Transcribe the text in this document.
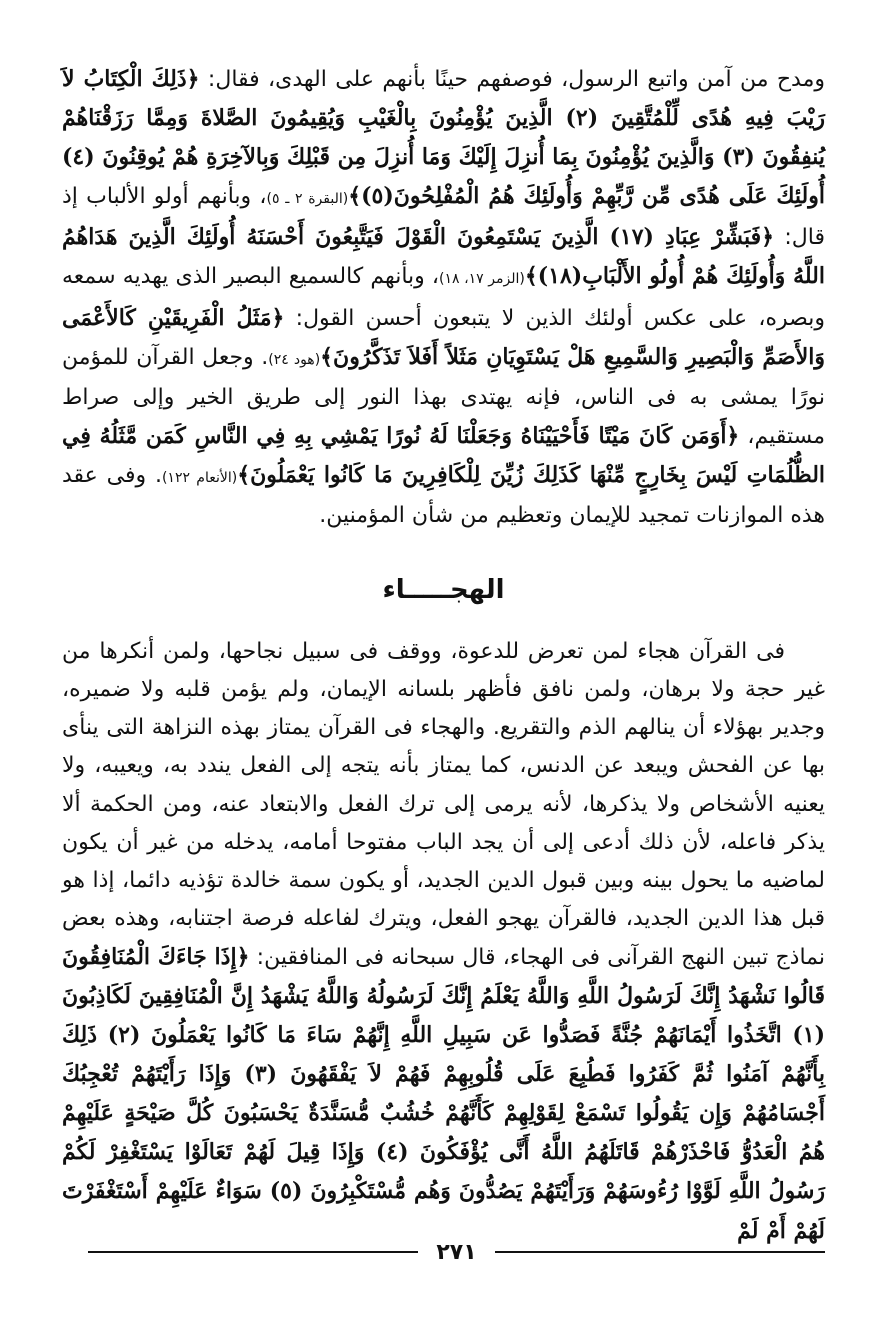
ومدح من آمن واتبع الرسول، فوصفهم حينًا بأنهم على الهدى، فقال: ﴿ذَلِكَ الْكِتَابُ لاَ رَيْبَ فِيهِ هُدًى لِّلْمُتَّقِينَ (٢) الَّذِينَ يُؤْمِنُونَ بِالْغَيْبِ وَيُقِيمُونَ الصَّلاةَ وَمِمَّا رَزَقْنَاهُمْ يُنفِقُونَ (٣) وَالَّذِينَ يُؤْمِنُونَ بِمَا أُنزِلَ إِلَيْكَ وَمَا أُنزِلَ مِن قَبْلِكَ وَبِالآخِرَةِ هُمْ يُوقِنُونَ (٤) أُولَئِكَ عَلَى هُدًى مِّن رَّبِّهِمْ وَأُولَئِكَ هُمُ الْمُفْلِحُونَ(٥)﴾(البقرة ٢ ـ ٥)، وبأنهم أولو الألباب إذ قال: ﴿فَبَشِّرْ عِبَادِ (١٧) الَّذِينَ يَسْتَمِعُونَ الْقَوْلَ فَيَتَّبِعُونَ أَحْسَنَهُ أُولَئِكَ الَّذِينَ هَدَاهُمُ اللَّهُ وَأُولَئِكَ هُمْ أُولُو الأَلْبَابِ(١٨)﴾(الزمر ١٧، ١٨)، وبأنهم كالسميع البصير الذى يهديه سمعه وبصره، على عكس أولئك الذين لا يتبعون أحسن القول: ﴿مَثَلُ الْفَرِيقَيْنِ كَالأَعْمَى وَالأَصَمِّ وَالْبَصِيرِ وَالسَّمِيعِ هَلْ يَسْتَوِيَانِ مَثَلاً أَفَلاَ تَذَكَّرُونَ﴾(هود ٢٤). وجعل القرآن للمؤمن نورًا يمشى به فى الناس، فإنه يهتدى بهذا النور إلى طريق الخير وإلى صراط مستقيم، ﴿أَوَمَن كَانَ مَيْتًا فَأَحْيَيْنَاهُ وَجَعَلْنَا لَهُ نُورًا يَمْشِي بِهِ فِي النَّاسِ كَمَن مَّثَلُهُ فِي الظُّلُمَاتِ لَيْسَ بِخَارِجٍ مِّنْهَا كَذَلِكَ زُيِّنَ لِلْكَافِرِينَ مَا كَانُوا يَعْمَلُونَ﴾(الأنعام ١٢٢). وفى عقد هذه الموازنات تمجيد للإيمان وتعظيم من شأن المؤمنين.

الهجـــــاء

فى القرآن هجاء لمن تعرض للدعوة، ووقف فى سبيل نجاحها، ولمن أنكرها من غير حجة ولا برهان، ولمن نافق فأظهر بلسانه الإيمان، ولم يؤمن قلبه ولا ضميره، وجدير بهؤلاء أن ينالهم الذم والتقريع. والهجاء فى القرآن يمتاز بهذه النزاهة التى ينأى بها عن الفحش ويبعد عن الدنس، كما يمتاز بأنه يتجه إلى الفعل يندد به، ويعيبه، ولا يعنيه الأشخاص ولا يذكرها، لأنه يرمى إلى ترك الفعل والابتعاد عنه، ومن الحكمة ألا يذكر فاعله، لأن ذلك أدعى إلى أن يجد الباب مفتوحا أمامه، يدخله من غير أن يكون لماضيه ما يحول بينه وبين قبول الدين الجديد، أو يكون سمة خالدة تؤذيه دائما، إذا هو قبل هذا الدين الجديد، فالقرآن يهجو الفعل، ويترك لفاعله فرصة اجتنابه، وهذه بعض نماذج تبين النهج القرآنى فى الهجاء، قال سبحانه فى المنافقين: ﴿إِذَا جَاءَكَ الْمُنَافِقُونَ قَالُوا نَشْهَدُ إِنَّكَ لَرَسُولُ اللَّهِ وَاللَّهُ يَعْلَمُ إِنَّكَ لَرَسُولُهُ وَاللَّهُ يَشْهَدُ إِنَّ الْمُنَافِقِينَ لَكَاذِبُونَ (١) اتَّخَذُوا أَيْمَانَهُمْ جُنَّةً فَصَدُّوا عَن سَبِيلِ اللَّهِ إِنَّهُمْ سَاءَ مَا كَانُوا يَعْمَلُونَ (٢) ذَلِكَ بِأَنَّهُمْ آمَنُوا ثُمَّ كَفَرُوا فَطُبِعَ عَلَى قُلُوبِهِمْ فَهُمْ لاَ يَفْقَهُونَ (٣) وَإِذَا رَأَيْتَهُمْ تُعْجِبُكَ أَجْسَامُهُمْ وَإِن يَقُولُوا تَسْمَعْ لِقَوْلِهِمْ كَأَنَّهُمْ خُشُبٌ مُّسَنَّدَةٌ يَحْسَبُونَ كُلَّ صَيْحَةٍ عَلَيْهِمْ هُمُ الْعَدُوُّ فَاحْذَرْهُمْ قَاتَلَهُمُ اللَّهُ أَنَّى يُؤْفَكُونَ (٤) وَإِذَا قِيلَ لَهُمْ تَعَالَوْا يَسْتَغْفِرْ لَكُمْ رَسُولُ اللَّهِ لَوَّوْا رُءُوسَهُمْ وَرَأَيْتَهُمْ يَصُدُّونَ وَهُم مُّسْتَكْبِرُونَ (٥) سَوَاءٌ عَلَيْهِمْ أَسْتَغْفَرْتَ لَهُمْ أَمْ لَمْ

٢٧١
